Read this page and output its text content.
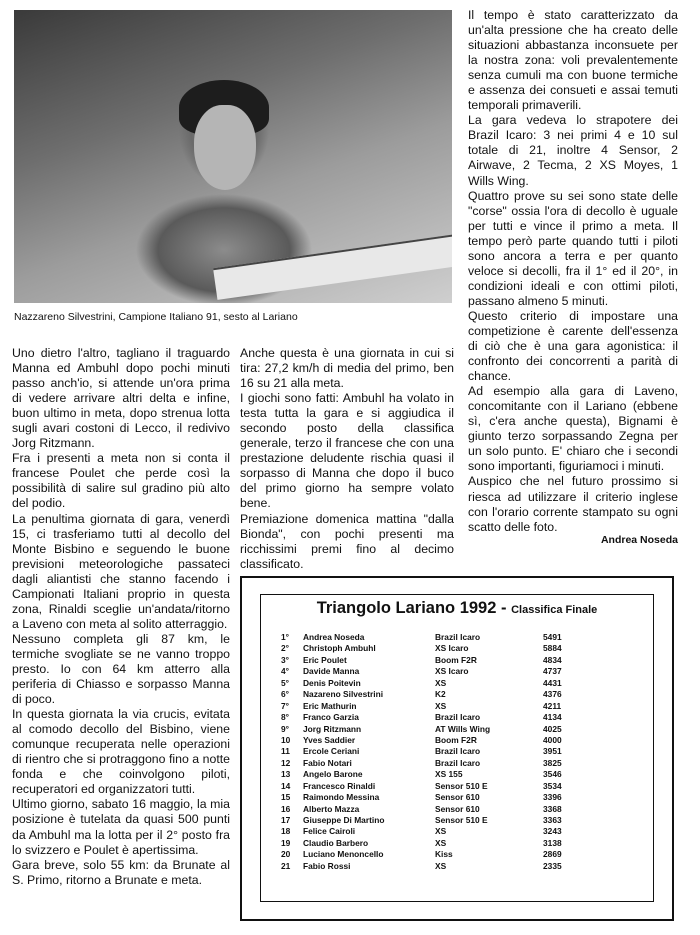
Nazzareno Silvestrini, Campione Italiano 91, sesto al Lariano

Uno dietro l'altro, tagliano il traguardo Manna ed Ambuhl dopo pochi minuti passo anch'io, si attende un'ora prima di vedere arrivare altri delta e infine, buon ultimo in meta, dopo strenua lotta sugli avari costoni di Lecco, il redivivo Jorg Ritzmann.

Fra i presenti a meta non si conta il francese Poulet che perde così la possibilità di salire sul gradino più alto del podio.

La penultima giornata di gara, venerdì 15, ci trasferiamo tutti al decollo del Monte Bisbino e seguendo le buone previsioni meteorologiche passateci dagli aliantisti che stanno facendo i Campionati Italiani proprio in questa zona, Rinaldi sceglie un'andata/ritorno a Laveno con meta al solito atterraggio.

Nessuno completa gli 87 km, le termiche svogliate se ne vanno troppo presto. Io con 64 km atterro alla periferia di Chiasso e sorpasso Manna di poco.

In questa giornata la via crucis, evitata al comodo decollo del Bisbino, viene comunque recuperata nelle operazioni di rientro che si protraggono fino a notte fonda e che coinvolgono piloti, recuperatori ed organizzatori tutti.

Ultimo giorno, sabato 16 maggio, la mia posizione è tutelata da quasi 500 punti da Ambuhl ma la lotta per il 2° posto fra lo svizzero e Poulet è apertissima.

Gara breve, solo 55 km: da Brunate al S. Primo, ritorno a Brunate e meta.

Anche questa è una giornata in cui si tira: 27,2 km/h di media del primo, ben 16 su 21 alla meta.

I giochi sono fatti: Ambuhl ha volato in testa tutta la gara e si aggiudica il secondo posto della classifica generale, terzo il francese che con una prestazione deludente rischia quasi il sorpasso di Manna che dopo il buco del primo giorno ha sempre volato bene.

Premiazione domenica mattina "dalla Bionda", con pochi presenti ma ricchissimi premi fino al decimo classificato.

Il tempo è stato caratterizzato da un'alta pressione che ha creato delle situazioni abbastanza inconsuete per la nostra zona: voli prevalentemente senza cumuli ma con buone termiche e assenza dei consueti e assai temuti temporali primaverili.

La gara vedeva lo strapotere dei Brazil Icaro: 3 nei primi 4 e 10 sul totale di 21, inoltre 4 Sensor, 2 Airwave, 2 Tecma, 2 XS Moyes, 1 Wills Wing.

Quattro prove su sei sono state delle "corse" ossia l'ora di decollo è uguale per tutti e vince il primo a meta. Il tempo però parte quando tutti i piloti sono ancora a terra e per quanto veloce si decolli, fra il 1° ed il 20°, in condizioni ideali e con ottimi piloti, passano almeno 5 minuti.

Questo criterio di impostare una competizione è carente dell'essenza di ciò che è una gara agonistica: il confronto dei concorrenti a parità di chance.

Ad esempio alla gara di Laveno, concomitante con il Lariano (ebbene sì, c'era anche questa), Bignami è giunto terzo sorpassando Zegna per un solo punto. E' chiaro che i secondi sono importanti, figuriamoci i minuti.

Auspico che nel futuro prossimo si riesca ad utilizzare il criterio inglese con l'orario corrente stampato su ogni scatto delle foto.

Andrea Noseda
Triangolo Lariano 1992 - Classifica Finale
1°	Andrea Noseda	Brazil Icaro	5491
2°	Christoph Ambuhl	XS Icaro	5884
3°	Eric Poulet	Boom F2R	4834
4°	Davide Manna	XS Icaro	4737
5°	Denis Poitevin	XS	4431
6°	Nazareno Silvestrini	K2	4376
7°	Eric Mathurin	XS	4211
8°	Franco Garzia	Brazil Icaro	4134
9°	Jorg Ritzmann	AT Wills Wing	4025
10	Yves Saddier	Boom F2R	4000
11	Ercole Ceriani	Brazil Icaro	3951
12	Fabio Notari	Brazil Icaro	3825
13	Angelo Barone	XS 155	3546
14	Francesco Rinaldi	Sensor 510 E	3534
15	Raimondo Messina	Sensor 610	3396
16	Alberto Mazza	Sensor 610	3368
17	Giuseppe Di Martino	Sensor 510 E	3363
18	Felice Cairoli	XS	3243
19	Claudio Barbero	XS	3138
20	Luciano Menoncello	Kiss	2869
21	Fabio Rossi	XS	2335
